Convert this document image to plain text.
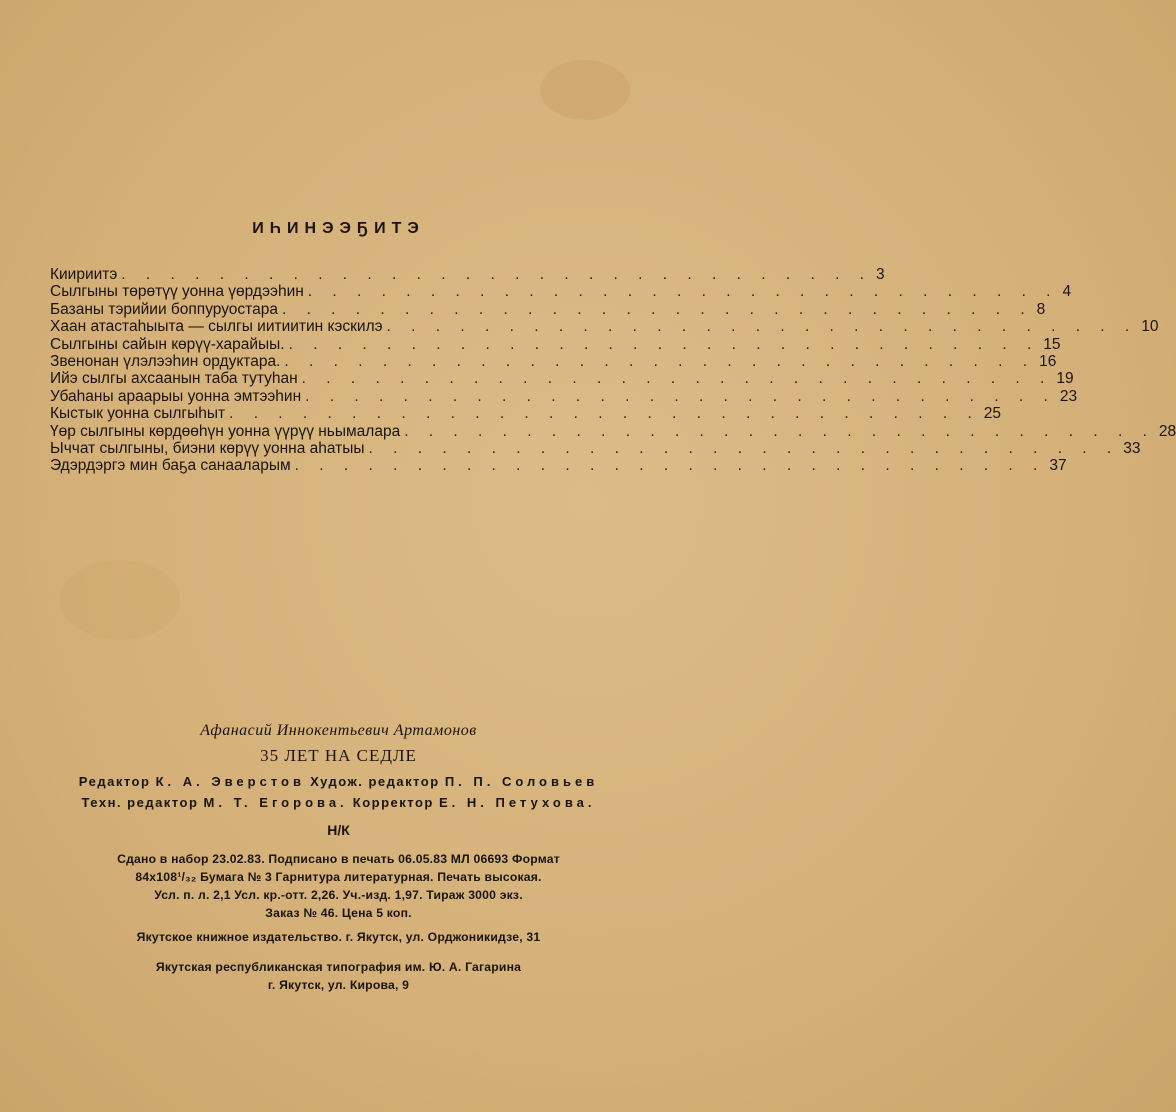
ИҺИНЭЭҔИТЭ
Киириитэ . . . . . . . . . . . . . . . . . . . . . . . . . . . . . . . 3
Сылгыны төрөтүү уонна үөрдээһин . . . . . . . . . . . . . . . . . . . . . . . . . . . . . . . 4
Базаны тэрийии боппуруостара . . . . . . . . . . . . . . . . . . . . . . . . . . . . . . . 8
Хаан атастаһыыта — сылгы иитиитин кэскилэ . . . . . . . . . . . . . . . . . . . . . . . . . . . . . . . 10
Сылгыны сайын көрүү-харайыы. . . . . . . . . . . . . . . . . . . . . . . . . . . . . . . . 15
Звенонан үлэлээһин ордуктара. . . . . . . . . . . . . . . . . . . . . . . . . . . . . . . . 16
Ийэ сылгы ахсаанын таба тутуһан . . . . . . . . . . . . . . . . . . . . . . . . . . . . . . . 19
Убаһаны араарыы уонна эмтээһин . . . . . . . . . . . . . . . . . . . . . . . . . . . . . . . 23
Кыстык уонна сылгыһыт . . . . . . . . . . . . . . . . . . . . . . . . . . . . . . . 25
Үөр сылгыны көрдөөһүн уонна үүрүү ньымалара . . . . . . . . . . . . . . . . . . . . . . . . . . . . . . . 28
Ыччат сылгыны, биэни көрүү уонна аһатыы . . . . . . . . . . . . . . . . . . . . . . . . . . . . . . . 33
Эдэрдэргэ мин баҕа санааларым . . . . . . . . . . . . . . . . . . . . . . . . . . . . . . . 37
Афанасий Иннокентьевич Артамонов
35 ЛЕТ НА СЕДЛЕ
Редактор К. А. Эверстов Худож. редактор П. П. Соловьев
Техн. редактор М. Т. Егорова. Корректор Е. Н. Петухова.
Н/К
Сдано в набор 23.02.83. Подписано в печать 06.05.83 МЛ 06693 Формат
84x108¹/₃₂ Бумага № 3 Гарнитура литературная. Печать высокая.
Усл. п. л. 2,1 Усл. кр.-отт. 2,26. Уч.-изд. 1,97. Тираж 3000 экз.
Заказ № 46. Цена 5 коп.
Якутское книжное издательство. г. Якутск, ул. Орджоникидзе, 31
Якутская республиканская типография им. Ю. А. Гагарина
г. Якутск, ул. Кирова, 9
